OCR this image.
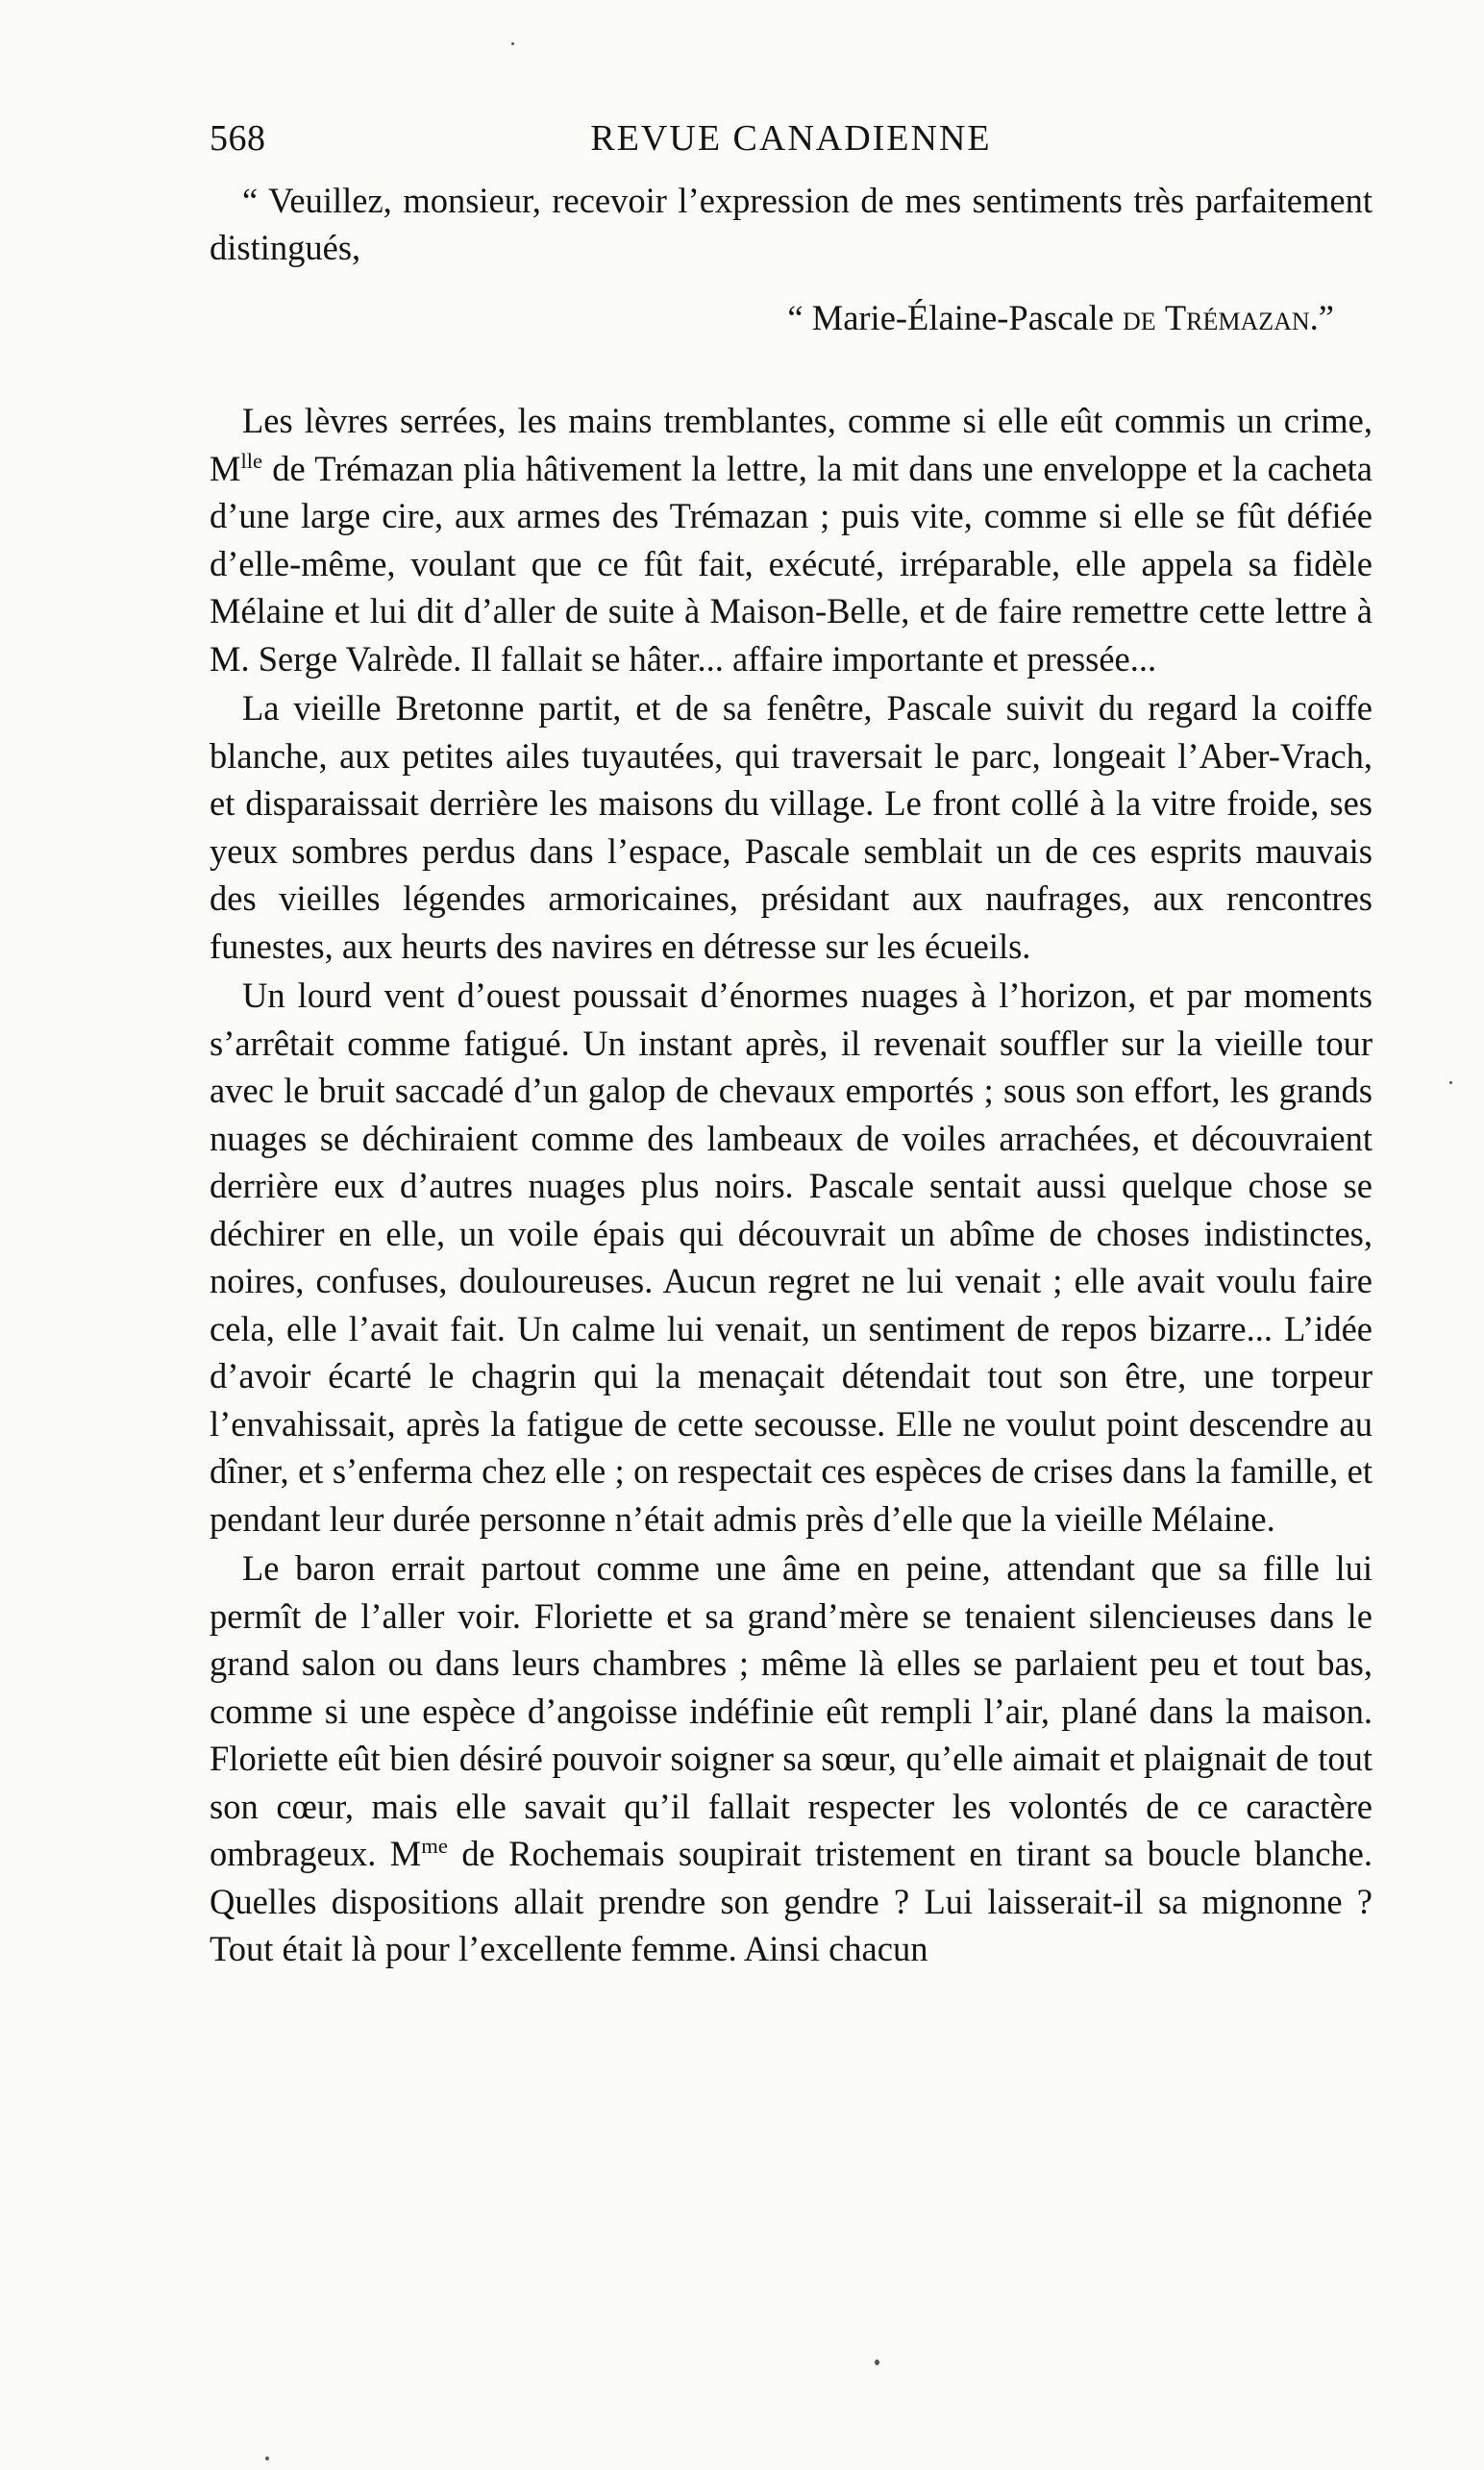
568	REVUE CANADIENNE

“ Veuillez, monsieur, recevoir l’expression de mes sentiments très parfaitement distingués,

“ Marie-Élaine-Pascale de Trémazan.”

Les lèvres serrées, les mains tremblantes, comme si elle eût commis un crime, $M^{lle}$ de Trémazan plia hâtivement la lettre, la mit dans une enveloppe et la cacheta d’une large cire, aux armes des Trémazan ; puis vite, comme si elle se fût défiée d’elle-même, voulant que ce fût fait, exécuté, irréparable, elle appela sa fidèle Mélaine et lui dit d’aller de suite à Maison-Belle, et de faire remettre cette lettre à M. Serge Valrède. Il fallait se hâter... affaire importante et pressée...

La vieille Bretonne partit, et de sa fenêtre, Pascale suivit du regard la coiffe blanche, aux petites ailes tuyautées, qui traversait le parc, longeait l’Aber-Vrach, et disparaissait derrière les maisons du village. Le front collé à la vitre froide, ses yeux sombres perdus dans l’espace, Pascale semblait un de ces esprits mauvais des vieilles légendes armoricaines, présidant aux naufrages, aux rencontres funestes, aux heurts des navires en détresse sur les écueils.

Un lourd vent d’ouest poussait d’énormes nuages à l’horizon, et par moments s’arrêtait comme fatigué. Un instant après, il revenait souffler sur la vieille tour avec le bruit saccadé d’un galop de chevaux emportés ; sous son effort, les grands nuages se déchiraient comme des lambeaux de voiles arrachées, et découvraient derrière eux d’autres nuages plus noirs. Pascale sentait aussi quelque chose se déchirer en elle, un voile épais qui découvrait un abîme de choses indistinctes, noires, confuses, douloureuses. Aucun regret ne lui venait ; elle avait voulu faire cela, elle l’avait fait. Un calme lui venait, un sentiment de repos bizarre... L’idée d’avoir écarté le chagrin qui la menaçait détendait tout son être, une torpeur l’envahissait, après la fatigue de cette secousse. Elle ne voulut point descendre au dîner, et s’enferma chez elle ; on respectait ces espèces de crises dans la famille, et pendant leur durée personne n’était admis près d’elle que la vieille Mélaine.

Le baron errait partout comme une âme en peine, attendant que sa fille lui permît de l’aller voir. Floriette et sa grand’mère se tenaient silencieuses dans le grand salon ou dans leurs chambres ; même là elles se parlaient peu et tout bas, comme si une espèce d’angoisse indéfinie eût rempli l’air, plané dans la maison. Floriette eût bien désiré pouvoir soigner sa sœur, qu’elle aimait et plaignait de tout son cœur, mais elle savait qu’il fallait respecter les volontés de ce caractère ombrageux. $M^{me}$ de Rochemais soupirait tristement en tirant sa boucle blanche. Quelles dispositions allait prendre son gendre ? Lui laisserait-il sa mignonne ? Tout était là pour l’excellente femme. Ainsi chacun
